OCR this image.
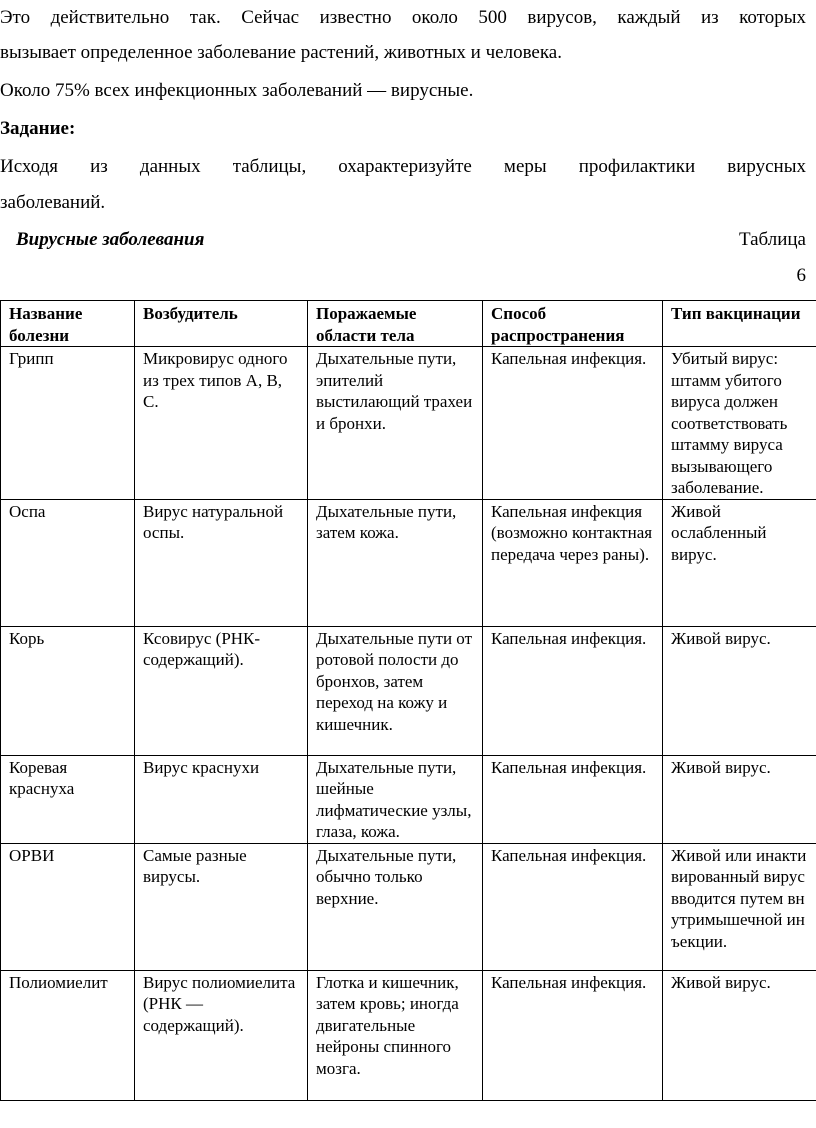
Это действительно так. Сейчас известно около 500 вирусов, каждый из которых
вызывает определенное заболевание растений, животных и человека.
Около 75% всех инфекционных заболеваний — вирусные.
Задание:
Исходя из данных таблицы, охарактеризуйте меры профилактики вирусных
заболеваний.
Вирусные заболевания	Таблица
6
Название болезни	Возбудитель	Поражаемые области тела	Способ распространения	Тип вакцинации
Грипп	Микровирус одного из трех типов А, В, С.	Дыхательные пути, эпителий выстилающий трахеи и бронхи.	Капельная инфекция.	Убитый вирус: штамм убитого вируса должен соответствовать штамму вируса вызывающего заболевание.
Оспа	Вирус натуральной оспы.	Дыхательные пути, затем кожа.	Капельная инфекция (возможно контактная передача через раны).	Живой ослабленный вирус.
Корь	Ксовирус (РНК-содержащий).	Дыхательные пути от ротовой полости до бронхов, затем переход на кожу и кишечник.	Капельная инфекция.	Живой вирус.
Коревая краснуха	Вирус краснухи	Дыхательные пути, шейные лифматические узлы, глаза, кожа.	Капельная инфекция.	Живой вирус.
ОРВИ	Самые разные вирусы.	Дыхательные пути, обычно только верхние.	Капельная инфекция.	Живой или инактивированный вирус вводится путем внутримышечной инъекции.
Полиомиелит	Вирус полиомиелита (РНК — содержащий).	Глотка и кишечник, затем кровь; иногда двигательные нейроны спинного мозга.	Капельная инфекция.	Живой вирус.
